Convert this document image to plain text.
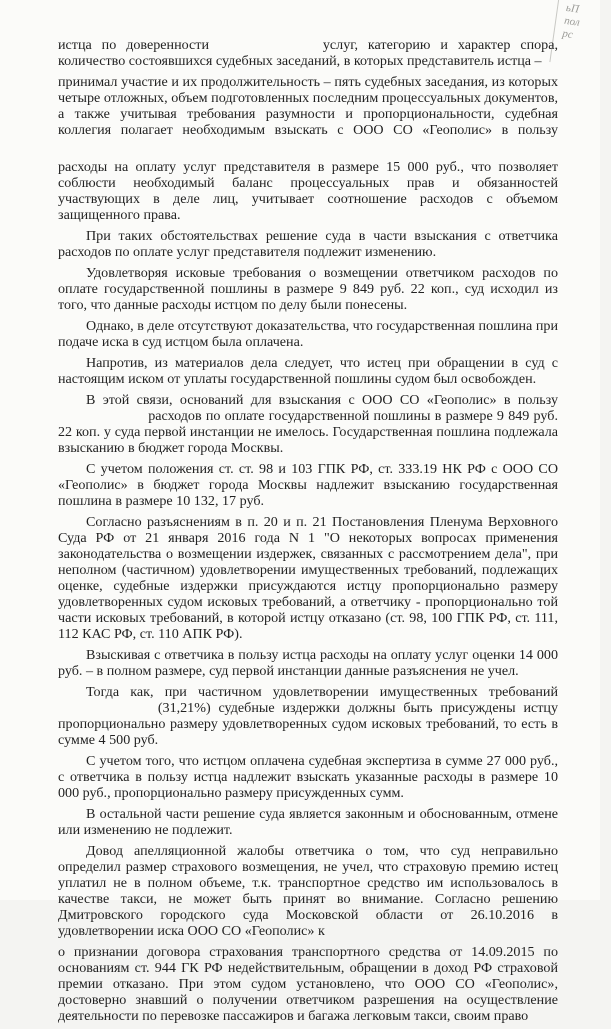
ьП
пол
рс

истца по доверенности	услуг, категорию и характер спора, количество состоявшихся судебных заседаний, в которых представитель истца –

принимал участие и их продолжительность – пять судебных заседания, из которых четыре отложных, объем подготовленных последним процессуальных документов, а также учитывая требования разумности и пропорциональности, судебная коллегия полагает необходимым взыскать с ООО СО «Геополис» в пользу

расходы на оплату услуг представителя в размере 15 000 руб., что позволяет соблюсти необходимый баланс процессуальных прав и обязанностей участвующих в деле лиц, учитывает соотношение расходов с объемом защищенного права.

При таких обстоятельствах решение суда в части взыскания с ответчика расходов по оплате услуг представителя подлежит изменению.

Удовлетворяя исковые требования о возмещении ответчиком расходов по оплате государственной пошлины в размере 9 849 руб. 22 коп., суд исходил из того, что данные расходы истцом по делу были понесены.

Однако, в деле отсутствуют доказательства, что государственная пошлина при подаче иска в суд истцом была оплачена.

Напротив, из материалов дела следует, что истец при обращении в суд с настоящим иском от уплаты государственной пошлины судом был освобожден.

В этой связи, оснований для взыскания с ООО СО «Геополис» в пользу  расходов по оплате государственной пошлины в размере 9 849 руб. 22 коп. у суда первой инстанции не имелось. Государственная пошлина подлежала взысканию в бюджет города Москвы.

С учетом положения ст. ст. 98 и 103 ГПК РФ, ст. 333.19 НК РФ с ООО СО «Геополис» в бюджет города Москвы надлежит взысканию государственная пошлина в размере 10 132, 17 руб.

Согласно разъяснениям в п. 20 и п. 21 Постановления Пленума Верховного Суда РФ от 21 января 2016 года N 1 "О некоторых вопросах применения законодательства о возмещении издержек, связанных с рассмотрением дела", при неполном (частичном) удовлетворении имущественных требований, подлежащих оценке, судебные издержки присуждаются истцу пропорционально размеру удовлетворенных судом исковых требований, а ответчику - пропорционально той части исковых требований, в которой истцу отказано (ст. 98, 100 ГПК РФ, ст. 111, 112 КАС РФ, ст. 110 АПК РФ).

Взыскивая с ответчика в пользу истца расходы на оплату услуг оценки 14 000 руб. – в полном размере, суд первой инстанции данные разъяснения не учел.

Тогда как, при частичном удовлетворении имущественных требований  (31,21%) судебные издержки должны быть присуждены истцу пропорционально размеру удовлетворенных судом исковых требований, то есть в сумме 4 500 руб.

С учетом того, что истцом оплачена судебная экспертиза в сумме 27 000 руб., с ответчика в пользу истца надлежит взыскать указанные расходы в размере 10 000 руб., пропорционально размеру присужденных сумм.

В остальной части решение суда является законным и обоснованным, отмене или изменению не подлежит.

Довод апелляционной жалобы ответчика о том, что суд неправильно определил размер страхового возмещения, не учел, что страховую премию истец уплатил не в полном объеме, т.к. транспортное средство им использовалось в качестве такси, не может быть принят во внимание. Согласно решению Дмитровского городского суда Московской области от 26.10.2016 в удовлетворении иска ООО СО «Геополис» к

о признании договора страхования транспортного средства от 14.09.2015 по основаниям ст. 944 ГК РФ недействительным, обращении в доход РФ страховой премии отказано. При этом судом установлено, что ООО СО «Геополис», достоверно знавший о получении ответчиком разрешения на осуществление деятельности по перевозке пассажиров и багажа легковым такси, своим право
